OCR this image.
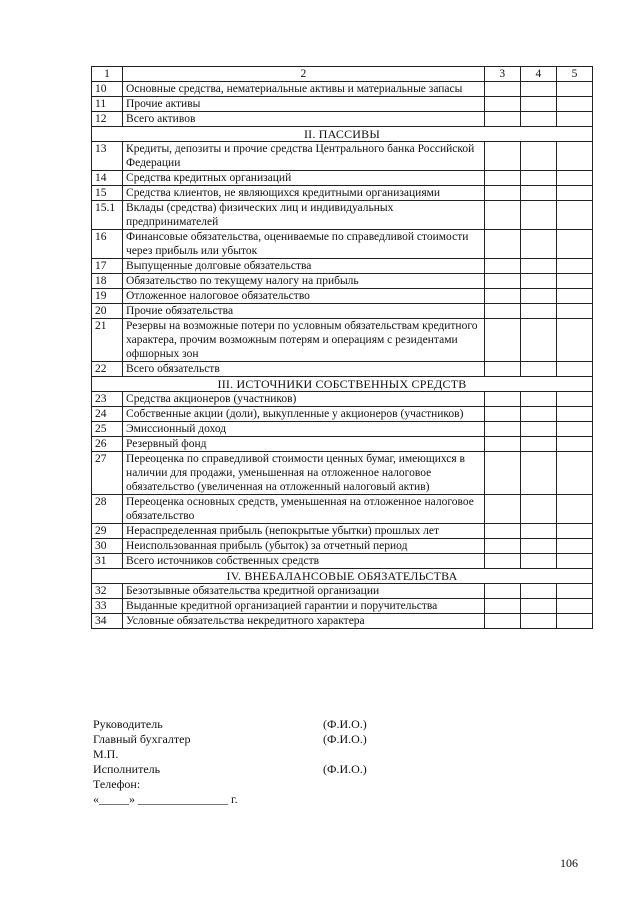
1	2	3	4	5
10	Основные средства, нематериальные активы и материальные запасы			
11	Прочие активы			
12	Всего активов			
II. ПАССИВЫ				
13	Кредиты, депозиты и прочие средства Центрального банка Российской Федерации			
14	Средства кредитных организаций			
15	Средства клиентов, не являющихся кредитными организациями			
15.1	Вклады (средства) физических лиц и индивидуальных предпринимателей			
16	Финансовые обязательства, оцениваемые по справедливой стоимости через прибыль или убыток			
17	Выпущенные долговые обязательства			
18	Обязательство по текущему налогу на прибыль			
19	Отложенное налоговое обязательство			
20	Прочие обязательства			
21	Резервы на возможные потери по условным обязательствам кредитного характера, прочим возможным потерям и операциям с резидентами офшорных зон			
22	Всего обязательств			
III. ИСТОЧНИКИ СОБСТВЕННЫХ СРЕДСТВ				
23	Средства акционеров (участников)			
24	Собственные акции (доли), выкупленные у акционеров (участников)			
25	Эмиссионный доход			
26	Резервный фонд			
27	Переоценка по справедливой стоимости ценных бумаг, имеющихся в наличии для продажи, уменьшенная на отложенное налоговое обязательство (увеличенная на отложенный налоговый актив)			
28	Переоценка основных средств, уменьшенная на отложенное налоговое обязательство			
29	Нераспределенная прибыль (непокрытые убытки) прошлых лет			
30	Неиспользованная прибыль (убыток) за отчетный период			
31	Всего источников собственных средств			
IV. ВНЕБАЛАНСОВЫЕ ОБЯЗАТЕЛЬСТВА				
32	Безотзывные обязательства кредитной организации			
33	Выданные кредитной организацией гарантии и поручительства			
34	Условные обязательства некредитного характера			
Руководитель	(Ф.И.О.)
Главный бухгалтер	(Ф.И.О.)
М.П.
Исполнитель	(Ф.И.О.)
Телефон:
«_____» _______________ г.
106
